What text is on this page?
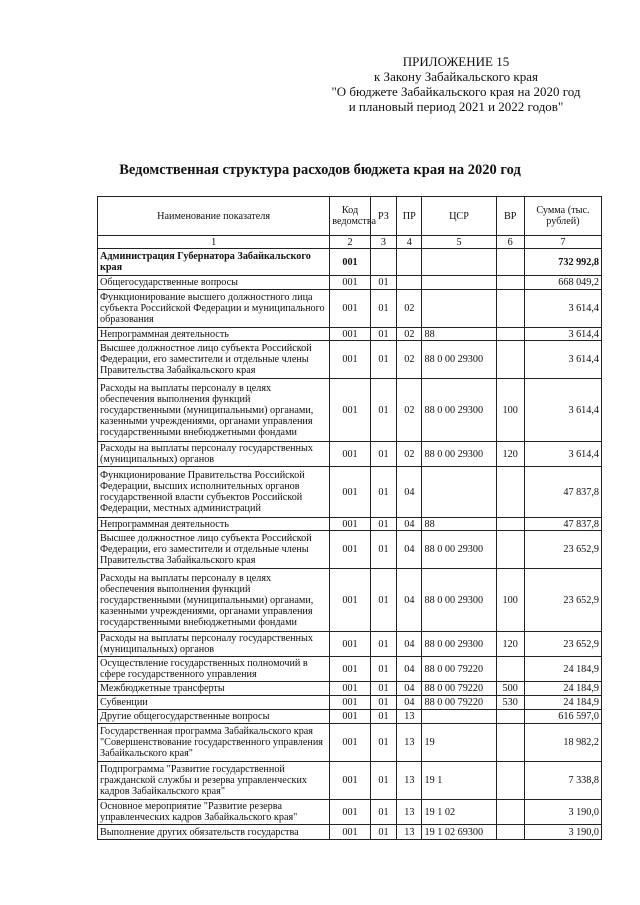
ПРИЛОЖЕНИЕ 15
к Закону Забайкальского края
"О бюджете Забайкальского края на 2020 год
и плановый период 2021 и 2022 годов"
Ведомственная структура расходов бюджета края на 2020 год
Наименование показателя	Код ведомства	РЗ	ПР	ЦСР	ВР	Сумма (тыс. рублей)
1	2	3	4	5	6	7
Администрация Губернатора Забайкальского края	001					732 992,8
Общегосударственные вопросы	001	01				668 049,2
Функционирование высшего должностного лица субъекта Российской Федерации и муниципального образования	001	01	02			3 614,4
Непрограммная деятельность	001	01	02	88		3 614,4
Высшее должностное лицо субъекта Российской Федерации, его заместители и отдельные члены Правительства Забайкальского края	001	01	02	88 0 00 29300		3 614,4
Расходы на выплаты персоналу в целях обеспечения выполнения функций государственными (муниципальными) органами, казенными учреждениями, органами управления государственными внебюджетными фондами	001	01	02	88 0 00 29300	100	3 614,4
Расходы на выплаты персоналу государственных (муниципальных) органов	001	01	02	88 0 00 29300	120	3 614,4
Функционирование Правительства Российской Федерации, высших исполнительных органов государственной власти субъектов Российской Федерации, местных администраций	001	01	04			47 837,8
Непрограммная деятельность	001	01	04	88		47 837,8
Высшее должностное лицо субъекта Российской Федерации, его заместители и отдельные члены Правительства Забайкальского края	001	01	04	88 0 00 29300		23 652,9
Расходы на выплаты персоналу в целях обеспечения выполнения функций государственными (муниципальными) органами, казенными учреждениями, органами управления государственными внебюджетными фондами	001	01	04	88 0 00 29300	100	23 652,9
Расходы на выплаты персоналу государственных (муниципальных) органов	001	01	04	88 0 00 29300	120	23 652,9
Осуществление государственных полномочий в сфере государственного управления	001	01	04	88 0 00 79220		24 184,9
Межбюджетные трансферты	001	01	04	88 0 00 79220	500	24 184,9
Субвенции	001	01	04	88 0 00 79220	530	24 184,9
Другие общегосударственные вопросы	001	01	13			616 597,0
Государственная программа Забайкальского края "Совершенствование государственного управления Забайкальского края"	001	01	13	19		18 982,2
Подпрограмма "Развитие государственной гражданской службы и резерва управленческих кадров Забайкальского края"	001	01	13	19 1		7 338,8
Основное мероприятие "Развитие резерва управленческих кадров Забайкальского края"	001	01	13	19 1 02		3 190,0
Выполнение других обязательств государства	001	01	13	19 1 02 69300		3 190,0
